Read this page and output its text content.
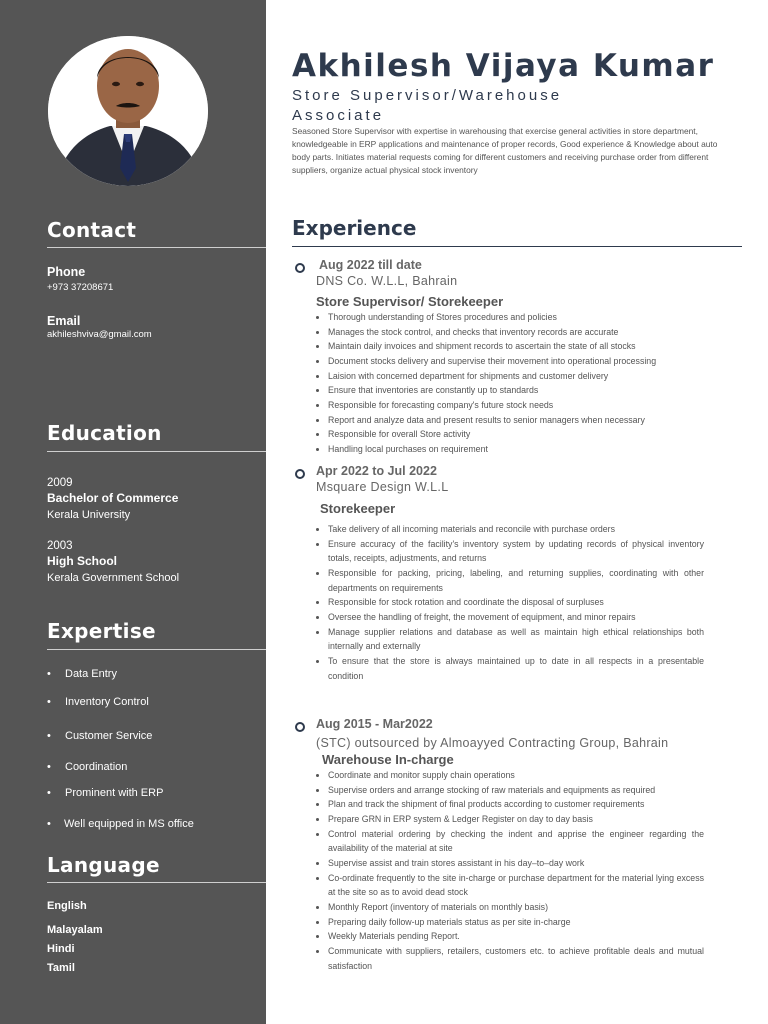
Contact
Phone
+973 37208671
Email
akhileshviva@gmail.com
Education
2009
Bachelor of Commerce
Kerala University
2003
High School
Kerala Government School
Expertise
• Data Entry
• Inventory Control
• Customer Service
• Coordination
• Prominent with ERP
• Well equipped in MS office
Language
English
Malayalam
Hindi
Tamil
Akhilesh Vijaya Kumar
Store Supervisor/Warehouse
Associate

Seasoned Store Supervisor with expertise in warehousing that exercise general activities in store department, knowledgeable in ERP applications and maintenance of proper records, Good experience & Knowledge about auto body parts. Initiates material requests coming for different customers and receiving purchase order from different suppliers, organize actual physical stock inventory

Experience
Aug 2022 till date
DNS Co. W.L.L, Bahrain
Store Supervisor/ Storekeeper
• Thorough understanding of Stores procedures and policies
• Manages the stock control, and checks that inventory records are accurate
• Maintain daily invoices and shipment records to ascertain the state of all stocks
• Document stocks delivery and supervise their movement into operational processing
• Laision with concerned department for shipments and customer delivery
• Ensure that inventories are constantly up to standards
• Responsible for forecasting company's future stock needs
• Report and analyze data and present results to senior managers when necessary
• Responsible for overall Store activity
• Handling local purchases on requirement
Apr 2022 to Jul 2022
Msquare Design W.L.L
Storekeeper
• Take delivery of all incoming materials and reconcile with purchase orders
• Ensure accuracy of the facility's inventory system by updating records of physical inventory totals, receipts, adjustments, and returns
• Responsible for packing, pricing, labeling, and returning supplies, coordinating with other departments on requirements
• Responsible for stock rotation and coordinate the disposal of surpluses
• Oversee the handling of freight, the movement of equipment, and minor repairs
• Manage supplier relations and database as well as maintain high ethical relationships both internally and externally
• To ensure that the store is always maintained up to date in all respects in a presentable condition
Aug 2015 - Mar2022
(STC) outsourced by Almoayyed Contracting Group, Bahrain
Warehouse In-charge
• Coordinate and monitor supply chain operations
• Supervise orders and arrange stocking of raw materials and equipments as required
• Plan and track the shipment of final products according to customer requirements
• Prepare GRN in ERP system & Ledger Register on day to day basis
• Control material ordering by checking the indent and apprise the engineer regarding the availability of the material at site
• Supervise assist and train stores assistant in his day–to–day work
• Co-ordinate frequently to the site in-charge or purchase department for the material lying excess at the site so as to avoid dead stock
• Monthly Report (inventory of materials on monthly basis)
• Preparing daily follow-up materials status as per site in-charge
• Weekly Materials pending Report.
• Communicate with suppliers, retailers, customers etc. to achieve profitable deals and mutual satisfaction
